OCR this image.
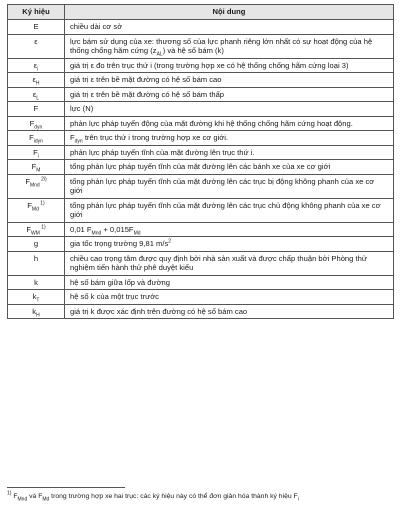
Ký hiệu	Nội dung
E	chiều dài cơ sở
ε	lực bám sử dụng của xe: thương số của lực phanh riêng lớn nhất có sự hoạt động của hệ thống chống hãm cứng $(z_{AL})$ và hệ số bám (k)
$\varepsilon_i$	giá trị ε đo trên trục thứ i (trong trường hợp xe có hệ thống chống hãm cứng loại 3)
$\varepsilon_H$	giá trị ε trên bề mặt đường có hệ số bám cao
$\varepsilon_L$	giá trị ε trên bề mặt đường có hệ số bám thấp
F	lực (N)
$F_{dyn}$	phản lực pháp tuyến động của mặt đường khi hệ thống chống hãm cứng hoạt động.
$F_{idyn}$	$F_{dyn}$ trên trục thứ i trong trường hợp xe cơ giới.
$F_i$	phản lực pháp tuyến tĩnh của mặt đường lên trục thứ i.
$F_M$	tổng phản lực pháp tuyến tĩnh của mặt đường lên các bánh xe của xe cơ giới
$F_{Mnd}$ $^{2i)}$	tổng phản lực pháp tuyến tĩnh của mặt đường lên các trục bị động không phanh của xe cơ giới
$F_{Md}$ $^{1)}$	tổng phản lực pháp tuyến tĩnh của mặt đường lên các trục chủ động không phanh của xe cơ giới
$F_{WM}$ $^{1)}$	0,01 $F_{Mnd} + 0,015F_{Md}$
g	gia tốc trọng trường 9,81 $m/s^2$
h	chiều cao trọng tâm được quy định bởi nhà sản xuất và được chấp thuận bởi Phòng thử nghiệm tiến hành thử phê duyệt kiểu
k	hệ số bám giữa lốp và đường
$k_T$	hệ số k của một trục trước
$k_H$	giá trị k được xác định trên đường có hệ số bám cao
$^{1)}$ $F_{Mnd}$ và $F_{Md}$ trong trường hợp xe hai trục: các ký hiệu này có thể đơn giản hóa thành ký hiệu $F_i$
